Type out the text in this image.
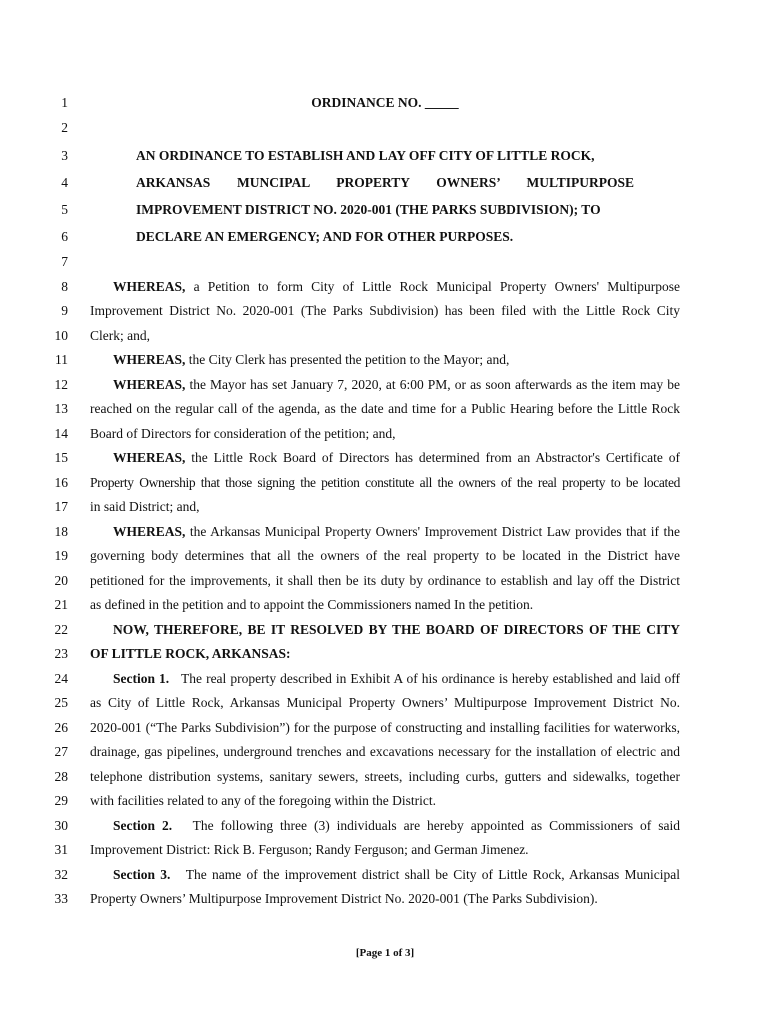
1
2
3
4
5
6
7
8
9
10
11
12
13
14
15
16
17
18
19
20
21
22
23
24
25
26
27
28
29
30
31
32
33
ORDINANCE NO. _____
AN ORDINANCE TO ESTABLISH AND LAY OFF CITY OF LITTLE ROCK,
ARKANSAS MUNCIPAL PROPERTY OWNERS’ MULTIPURPOSE
IMPROVEMENT DISTRICT NO. 2020-001 (THE PARKS SUBDIVISION); TO
DECLARE AN EMERGENCY; AND FOR OTHER PURPOSES.
WHEREAS, a Petition to form City of Little Rock Municipal Property Owners' Multipurpose
Improvement District No. 2020-001 (The Parks Subdivision) has been filed with the Little Rock City
Clerk; and,
WHEREAS, the City Clerk has presented the petition to the Mayor; and,
WHEREAS, the Mayor has set January 7, 2020, at 6:00 PM, or as soon afterwards as the item may be
reached on the regular call of the agenda, as the date and time for a Public Hearing before the Little Rock
Board of Directors for consideration of the petition; and,
WHEREAS, the Little Rock Board of Directors has determined from an Abstractor's Certificate of
Property Ownership that those signing the petition constitute all the owners of the real property to be located
in said District; and,
WHEREAS, the Arkansas Municipal Property Owners' Improvement District Law provides that if the
governing body determines that all the owners of the real property to be located in the District have
petitioned for the improvements, it shall then be its duty by ordinance to establish and lay off the District
as defined in the petition and to appoint the Commissioners named In the petition.
NOW, THEREFORE, BE IT RESOLVED BY THE BOARD OF DIRECTORS OF THE CITY
OF LITTLE ROCK, ARKANSAS:
Section 1.   The real property described in Exhibit A of his ordinance is hereby established and laid off
as City of Little Rock, Arkansas Municipal Property Owners’ Multipurpose Improvement District No.
2020-001 (“The Parks Subdivision”) for the purpose of constructing and installing facilities for waterworks,
drainage, gas pipelines, underground trenches and excavations necessary for the installation of electric and
telephone distribution systems, sanitary sewers, streets, including curbs, gutters and sidewalks, together
with facilities related to any of the foregoing within the District.
Section 2.   The following three (3) individuals are hereby appointed as Commissioners of said
Improvement District: Rick B. Ferguson; Randy Ferguson; and German Jimenez.
Section 3.   The name of the improvement district shall be City of Little Rock, Arkansas Municipal
Property Owners’ Multipurpose Improvement District No. 2020-001 (The Parks Subdivision).
[Page 1 of 3]
